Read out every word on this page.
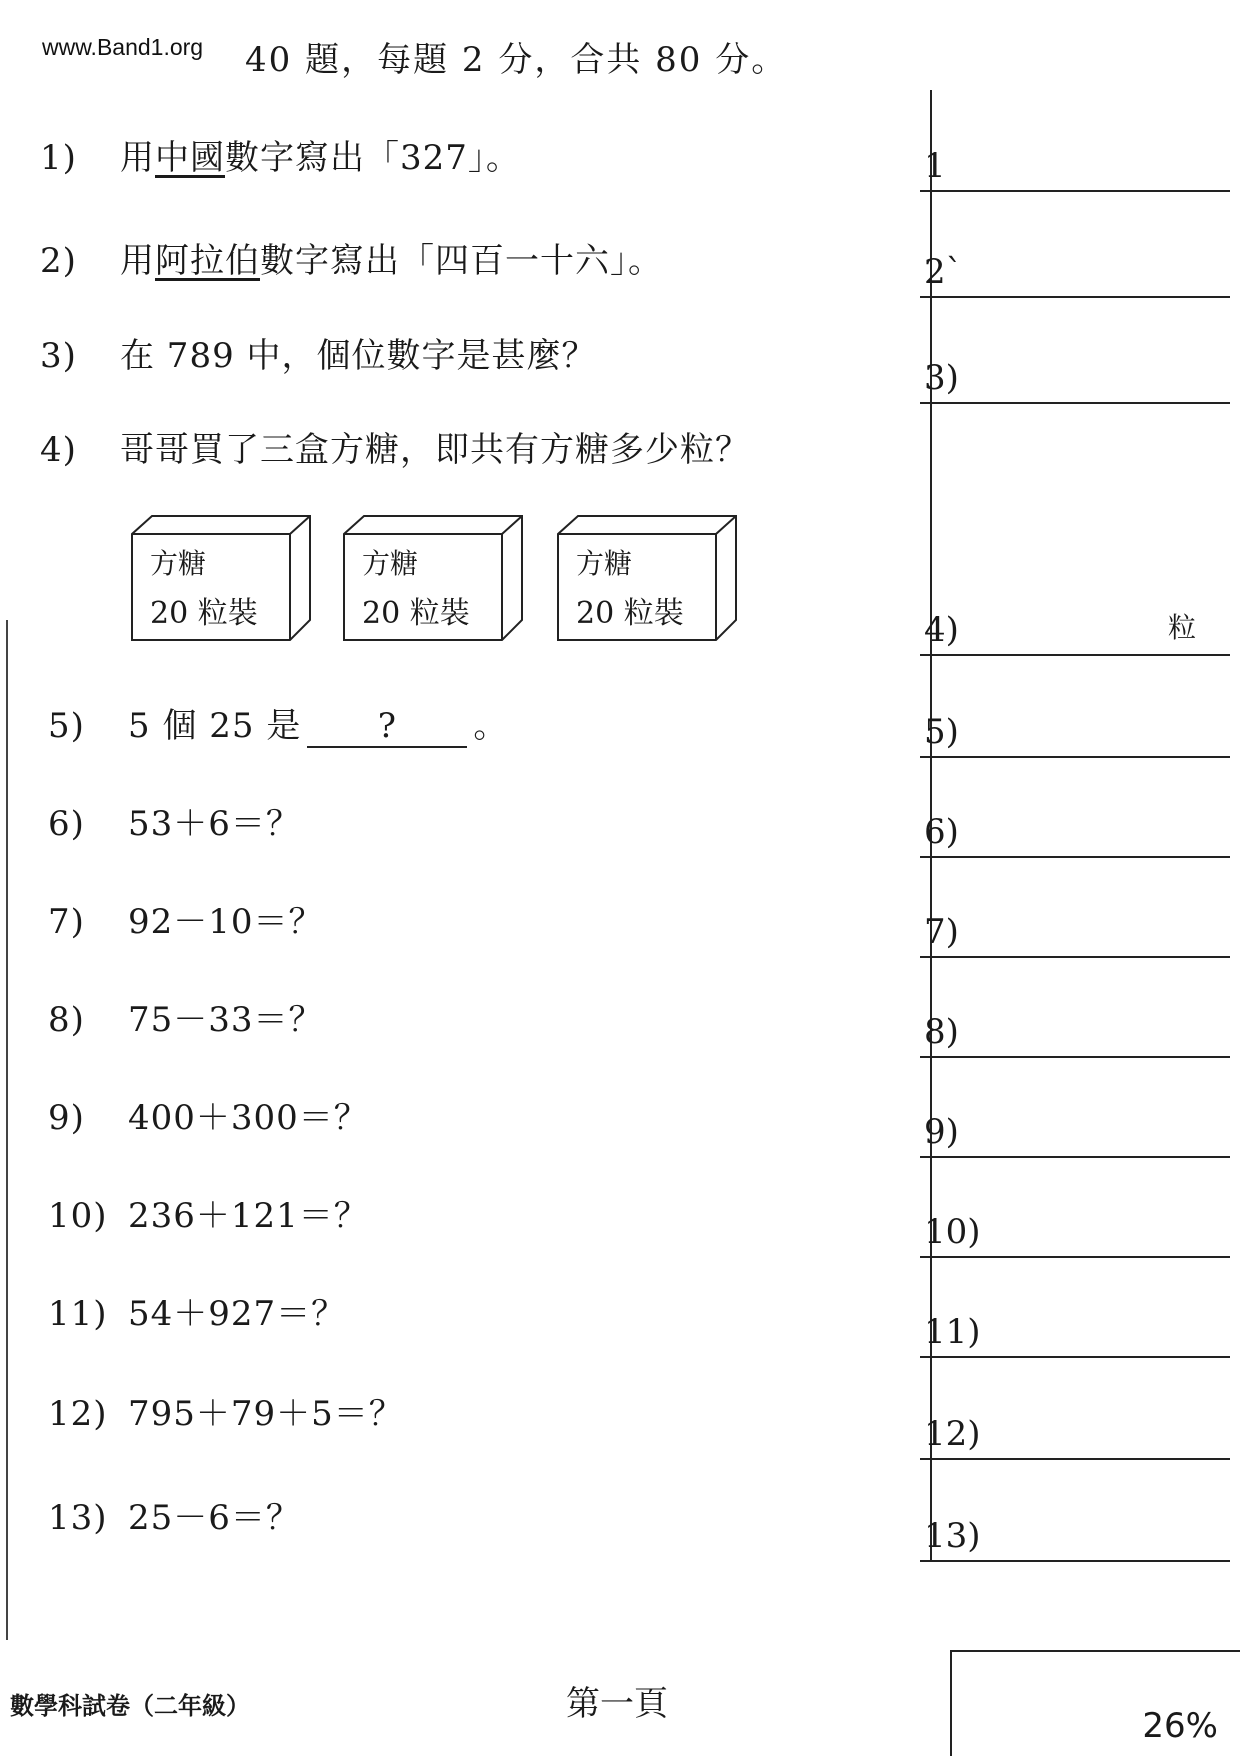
www.Band1.org 40 題，每題 2 分，合共 80 分。
1) 用中國數字寫出「327」。
2) 用阿拉伯數字寫出「四百一十六」。
3) 在 789 中，個位數字是甚麼？
4) 哥哥買了三盒方糖，即共有方糖多少粒？
方糖
20 粒裝
方糖
20 粒裝
方糖
20 粒裝
5) 5 個 25 是 ? 。
6) 53＋6＝？
7) 92－10＝？
8) 75－33＝？
9) 400＋300＝？
10) 236＋121＝？
11) 54＋927＝？
12) 795＋79＋5＝？
13) 25－6＝？
1
2`
3)
4)	粒
5)
6)
7)
8)
9)
10)
11)
12)
13)
數學科試卷（二年級）	第一頁
26%
